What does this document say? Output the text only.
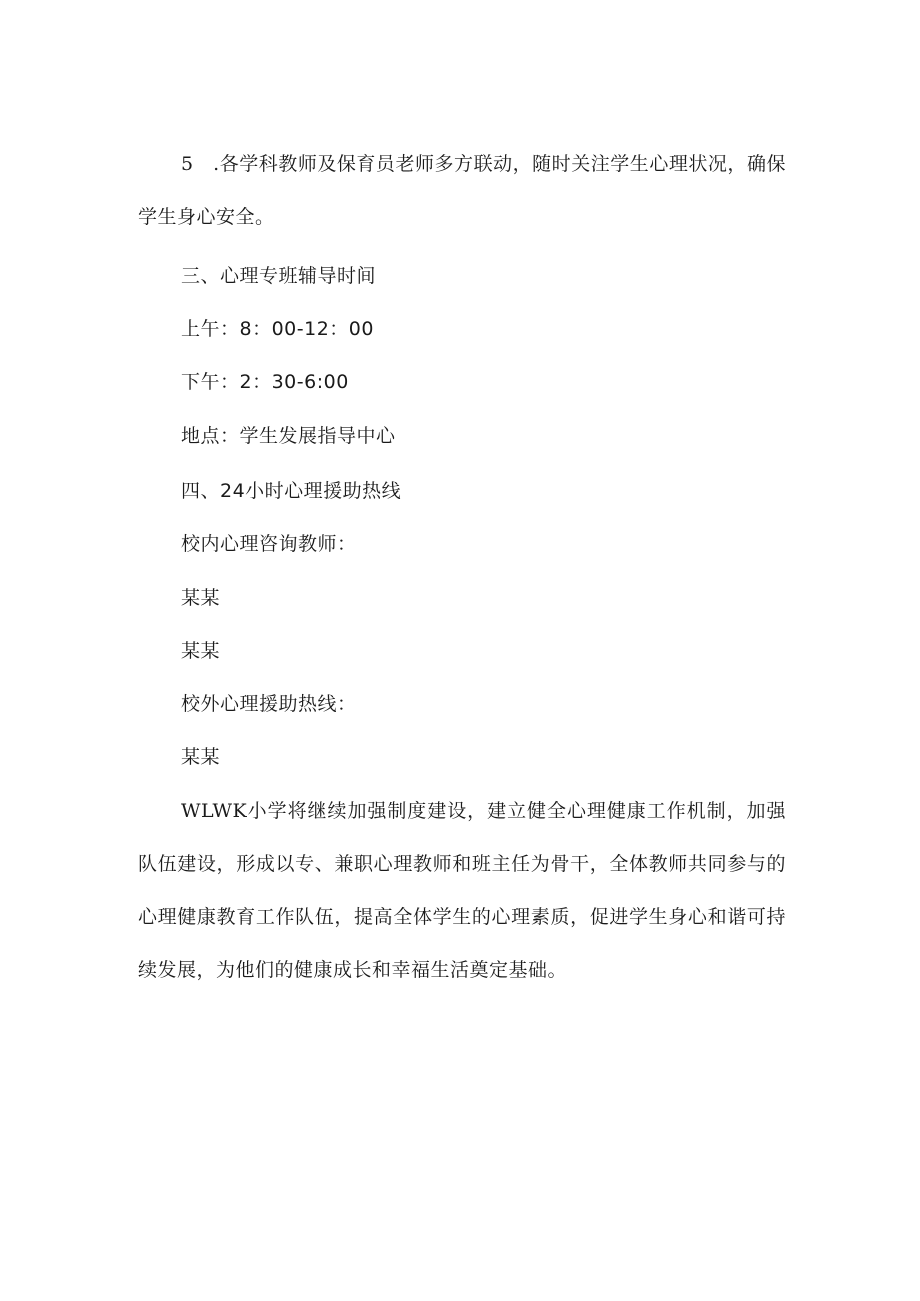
5　.各学科教师及保育员老师多方联动，随时关注学生心理状况，确保学生身心安全。

三、心理专班辅导时间

上午：8：00-12：00

下午：2：30-6:00

地点：学生发展指导中心

四、24小时心理援助热线

校内心理咨询教师：

某某

某某

校外心理援助热线：

某某

WLWK小学将继续加强制度建设，建立健全心理健康工作机制，加强队伍建设，形成以专、兼职心理教师和班主任为骨干，全体教师共同参与的心理健康教育工作队伍，提高全体学生的心理素质，促进学生身心和谐可持续发展，为他们的健康成长和幸福生活奠定基础。
